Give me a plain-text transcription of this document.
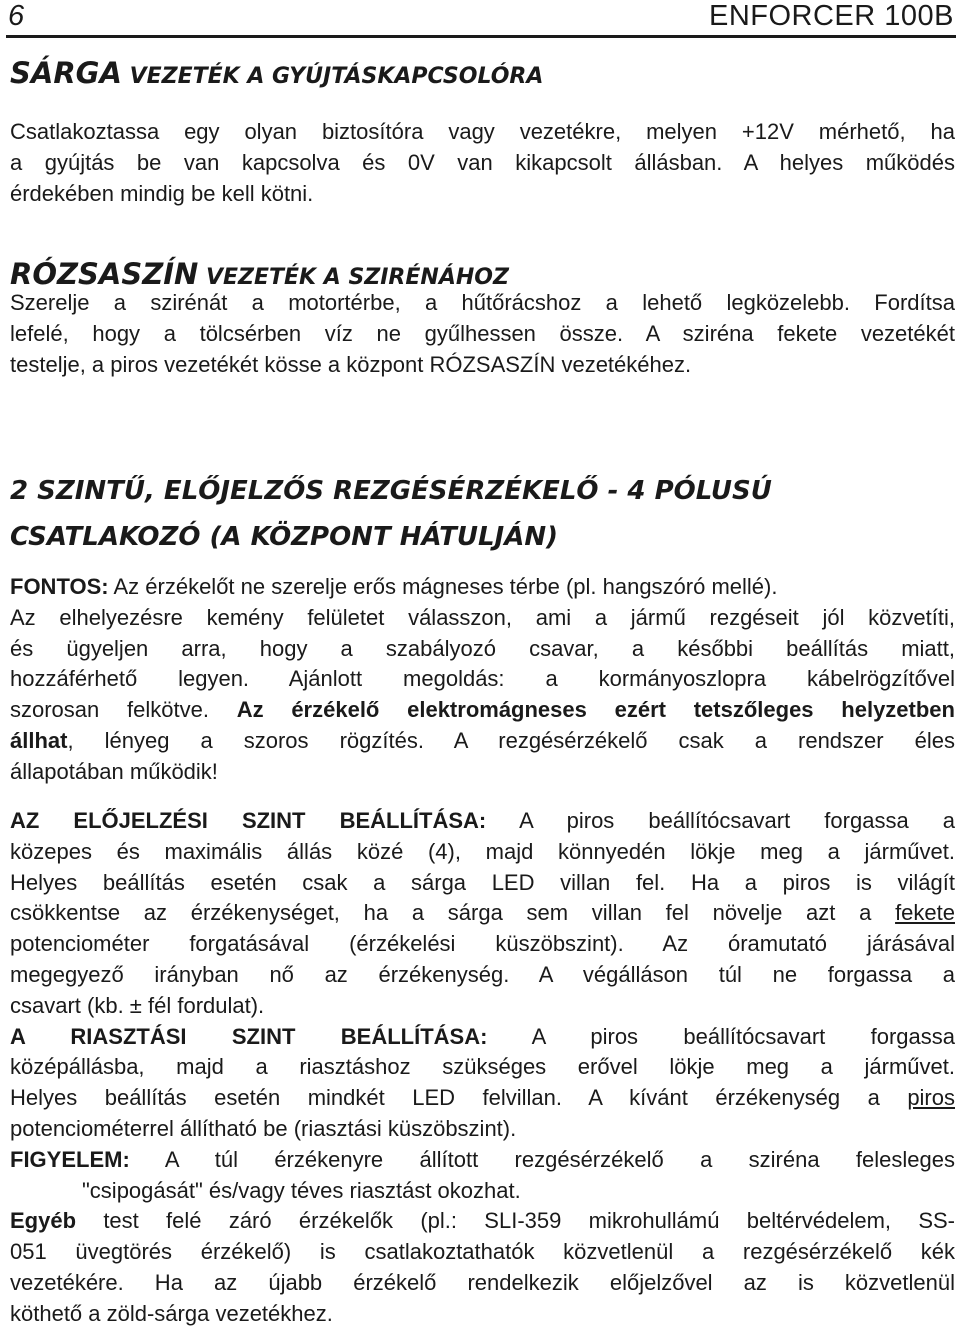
6	ENFORCER 100B
SÁRGA VEZETÉK A GYÚJTÁSKAPCSOLÓRA

Csatlakoztassa egy olyan biztosítóra vagy vezetékre, melyen +12V mérhető, ha
a gyújtás be van kapcsolva és 0V van kikapcsolt állásban. A helyes működés
érdekében mindig be kell kötni.

RÓZSASZÍN VEZETÉK A SZIRÉNÁHOZ

Szerelje a szirénát a motortérbe, a hűtőrácshoz a lehető legközelebb. Fordítsa
lefelé, hogy a tölcsérben víz ne gyűlhessen össze. A sziréna fekete vezetékét
testelje, a piros vezetékét kösse a központ RÓZSASZÍN vezetékéhez.

2 SZINTŰ, ELŐJELZŐS REZGÉSÉRZÉKELŐ - 4 PÓLUSÚ
CSATLAKOZÓ (A KÖZPONT HÁTULJÁN)

FONTOS: Az érzékelőt ne szerelje erős mágneses térbe (pl. hangszóró mellé).
Az elhelyezésre kemény felületet válasszon, ami a jármű rezgéseit jól közvetíti,
és ügyeljen arra, hogy a szabályozó csavar, a későbbi beállítás miatt,
hozzáférhető legyen. Ajánlott megoldás: a kormányoszlopra kábelrögzítővel
szorosan felkötve. Az érzékelő elektromágneses ezért tetszőleges helyzetben
állhat, lényeg a szoros rögzítés. A rezgésérzékelő csak a rendszer éles
állapotában működik!

AZ ELŐJELZÉSI SZINT BEÁLLÍTÁSA: A piros beállítócsavart forgassa a
közepes és maximális állás közé (4), majd könnyedén lökje meg a járművet.
Helyes beállítás esetén csak a sárga LED villan fel. Ha a piros is világít
csökkentse az érzékenységet, ha a sárga sem villan fel növelje azt a fekete
potenciométer forgatásával (érzékelési küszöbszint). Az óramutató járásával
megegyező irányban nő az érzékenység. A végálláson túl ne forgassa a
csavart (kb. ± fél fordulat).
A RIASZTÁSI SZINT BEÁLLÍTÁSA: A piros beállítócsavart forgassa
középállásba, majd a riasztáshoz szükséges erővel lökje meg a járművet.
Helyes beállítás esetén mindkét LED felvillan. A kívánt érzékenység a piros
potenciométerrel állítható be (riasztási küszöbszint).
FIGYELEM: A túl érzékenyre állított rezgésérzékelő a sziréna felesleges
"csipogását" és/vagy téves riasztást okozhat.
Egyéb test felé záró érzékelők (pl.: SLI-359 mikrohullámú beltérvédelem, SS-
051 üvegtörés érzékelő) is csatlakoztathatók közvetlenül a rezgésérzékelő kék
vezetékére. Ha az újabb érzékelő rendelkezik előjelzővel az is közvetlenül
köthető a zöld-sárga vezetékhez.
